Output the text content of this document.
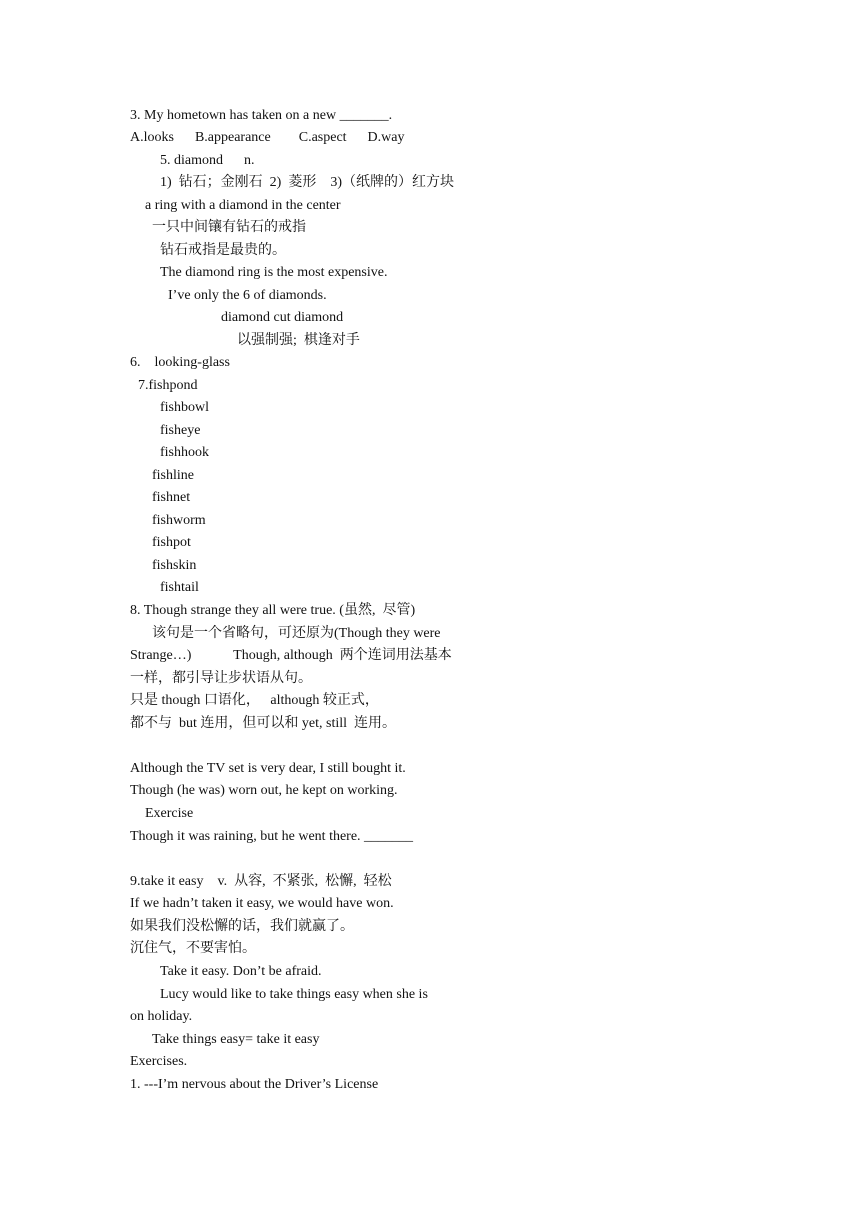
3. My hometown has taken on a new _______.
A.looks      B.appearance        C.aspect      D.way
5. diamond      n.
1)  钻石；金刚石  2)  菱形    3)（纸牌的）红方块
a ring with a diamond in the center
一只中间镶有钻石的戒指
钻石戒指是最贵的。
The diamond ring is the most expensive.
I’ve only the 6 of diamonds.
diamond cut diamond
以强制强;  棋逢对手
6.    looking-glass
7.fishpond
fishbowl
fisheye
fishhook
fishline
fishnet
fishworm
fishpot
fishskin
fishtail
8. Though strange they all were true. (虽然,  尽管)
该句是一个省略句，可还原为(Though they were
Strange…)            Though, although  两个连词用法基本
一样，都引导让步状语从句。
只是 though 口语化，   although 较正式，
都不与  but 连用，但可以和 yet, still  连用。
Although the TV set is very dear, I still bought it.
Though (he was) worn out, he kept on working.
Exercise
Though it was raining, but he went there. _______
9.take it easy    v.  从容,  不紧张,  松懈,  轻松
If we hadn’t taken it easy, we would have won.
如果我们没松懈的话，我们就赢了。
沉住气，不要害怕。
Take it easy. Don’t be afraid.
Lucy would like to take things easy when she is
on holiday.
Take things easy= take it easy
Exercises.
1. ---I’m nervous about the Driver’s License
